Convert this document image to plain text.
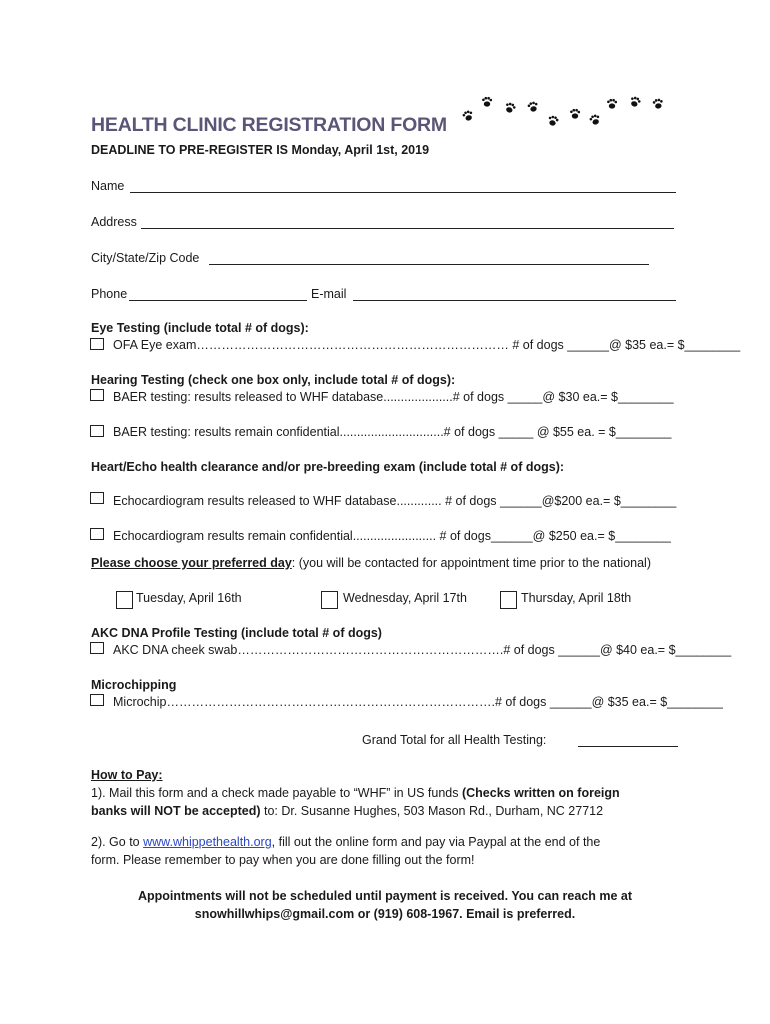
HEALTH CLINIC REGISTRATION FORM
DEADLINE TO PRE-REGISTER IS Monday, April 1st, 2019
Name
Address
City/State/Zip Code
Phone	E-mail
Eye Testing (include total # of dogs):
OFA Eye exam………………………………………………………………… # of dogs ______@ $35 ea.= $________
Hearing Testing (check one box only, include total # of dogs):
BAER testing: results released to WHF database....................# of dogs _____@ $30 ea.= $________
BAER testing: results remain confidential..............................# of dogs _____ @ $55 ea. = $________
Heart/Echo health clearance and/or pre-breeding exam (include total # of dogs):
Echocardiogram results released to WHF database............. # of dogs ______@$200 ea.= $________
Echocardiogram results remain confidential........................ # of dogs______@ $250 ea.= $________
Please choose your preferred day: (you will be contacted for appointment time prior to the national)
Tuesday, April 16th	Wednesday, April 17th	Thursday, April 18th
AKC DNA Profile Testing (include total # of dogs)
AKC DNA cheek swab……………………………………………………….# of dogs ______@ $40 ea.= $________
Microchipping
Microchip…………………………………………………………………….# of dogs ______@ $35 ea.= $________
Grand Total for all Health Testing:
How to Pay:
1). Mail this form and a check made payable to “WHF” in US funds (Checks written on foreign
banks will NOT be accepted) to: Dr. Susanne Hughes, 503 Mason Rd., Durham, NC 27712
2). Go to www.whippethealth.org, fill out the online form and pay via Paypal at the end of the
form. Please remember to pay when you are done filling out the form!
Appointments will not be scheduled until payment is received. You can reach me at
snowhillwhips@gmail.com or (919) 608-1967. Email is preferred.
